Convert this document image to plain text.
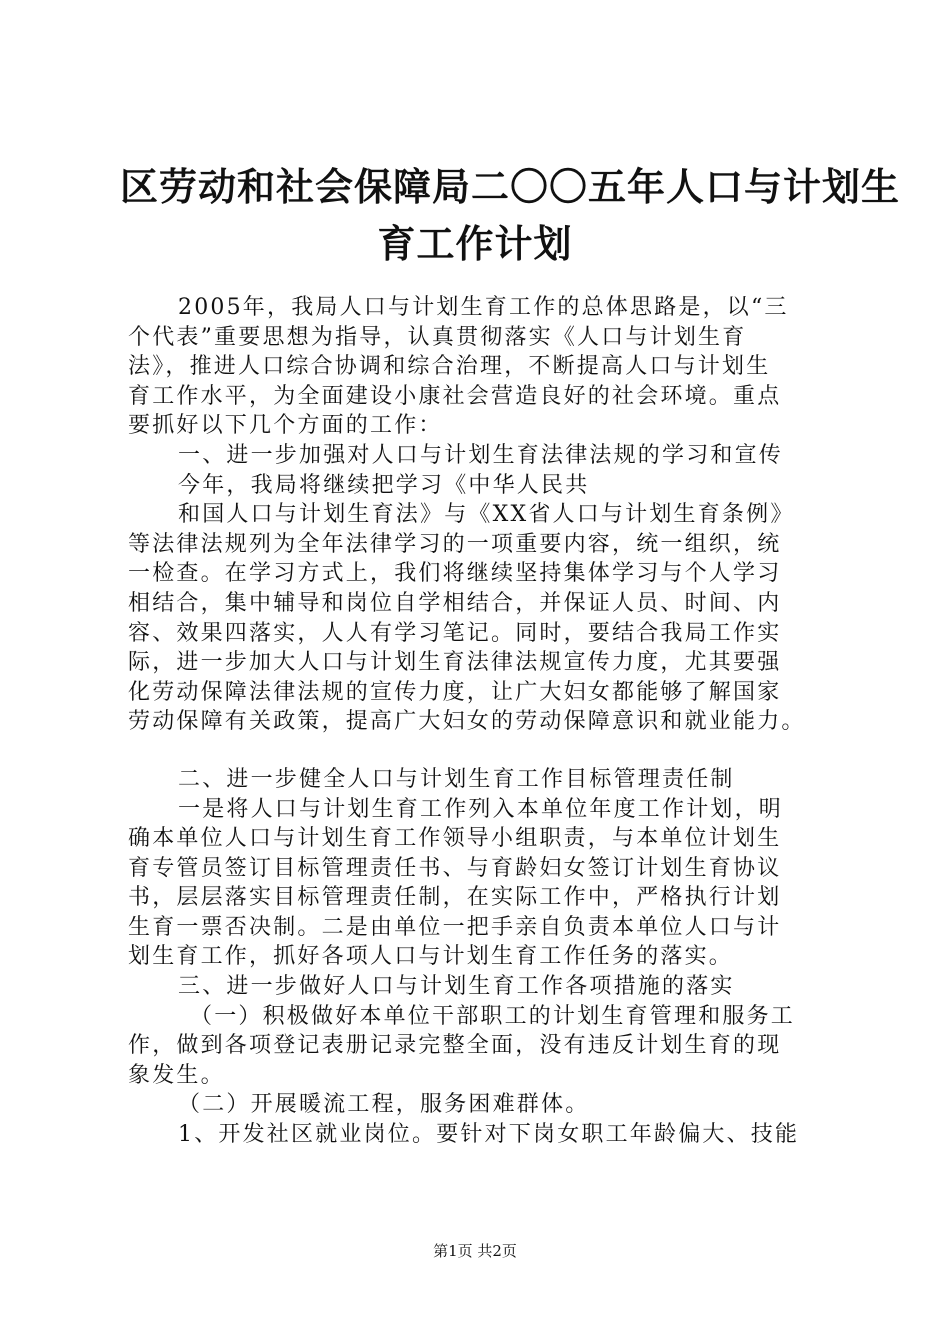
区劳动和社会保障局二〇〇五年人口与计划生
育工作计划
2005年，我局人口与计划生育工作的总体思路是，以“三
个代表”重要思想为指导，认真贯彻落实《人口与计划生育
法》，推进人口综合协调和综合治理，不断提高人口与计划生
育工作水平，为全面建设小康社会营造良好的社会环境。重点
要抓好以下几个方面的工作：
一、进一步加强对人口与计划生育法律法规的学习和宣传
今年，我局将继续把学习《中华人民共
和国人口与计划生育法》与《XX省人口与计划生育条例》
等法律法规列为全年法律学习的一项重要内容，统一组织，统
一检查。在学习方式上，我们将继续坚持集体学习与个人学习
相结合，集中辅导和岗位自学相结合，并保证人员、时间、内
容、效果四落实，人人有学习笔记。同时，要结合我局工作实
际，进一步加大人口与计划生育法律法规宣传力度，尤其要强
化劳动保障法律法规的宣传力度，让广大妇女都能够了解国家
劳动保障有关政策，提高广大妇女的劳动保障意识和就业能力。
二、进一步健全人口与计划生育工作目标管理责任制
一是将人口与计划生育工作列入本单位年度工作计划，明
确本单位人口与计划生育工作领导小组职责，与本单位计划生
育专管员签订目标管理责任书、与育龄妇女签订计划生育协议
书，层层落实目标管理责任制，在实际工作中，严格执行计划
生育一票否决制。二是由单位一把手亲自负责本单位人口与计
划生育工作，抓好各项人口与计划生育工作任务的落实。
三、进一步做好人口与计划生育工作各项措施的落实
（一）积极做好本单位干部职工的计划生育管理和服务工
作，做到各项登记表册记录完整全面，没有违反计划生育的现
象发生。
（二）开展暖流工程，服务困难群体。
1、开发社区就业岗位。要针对下岗女职工年龄偏大、技能
第1页 共2页
